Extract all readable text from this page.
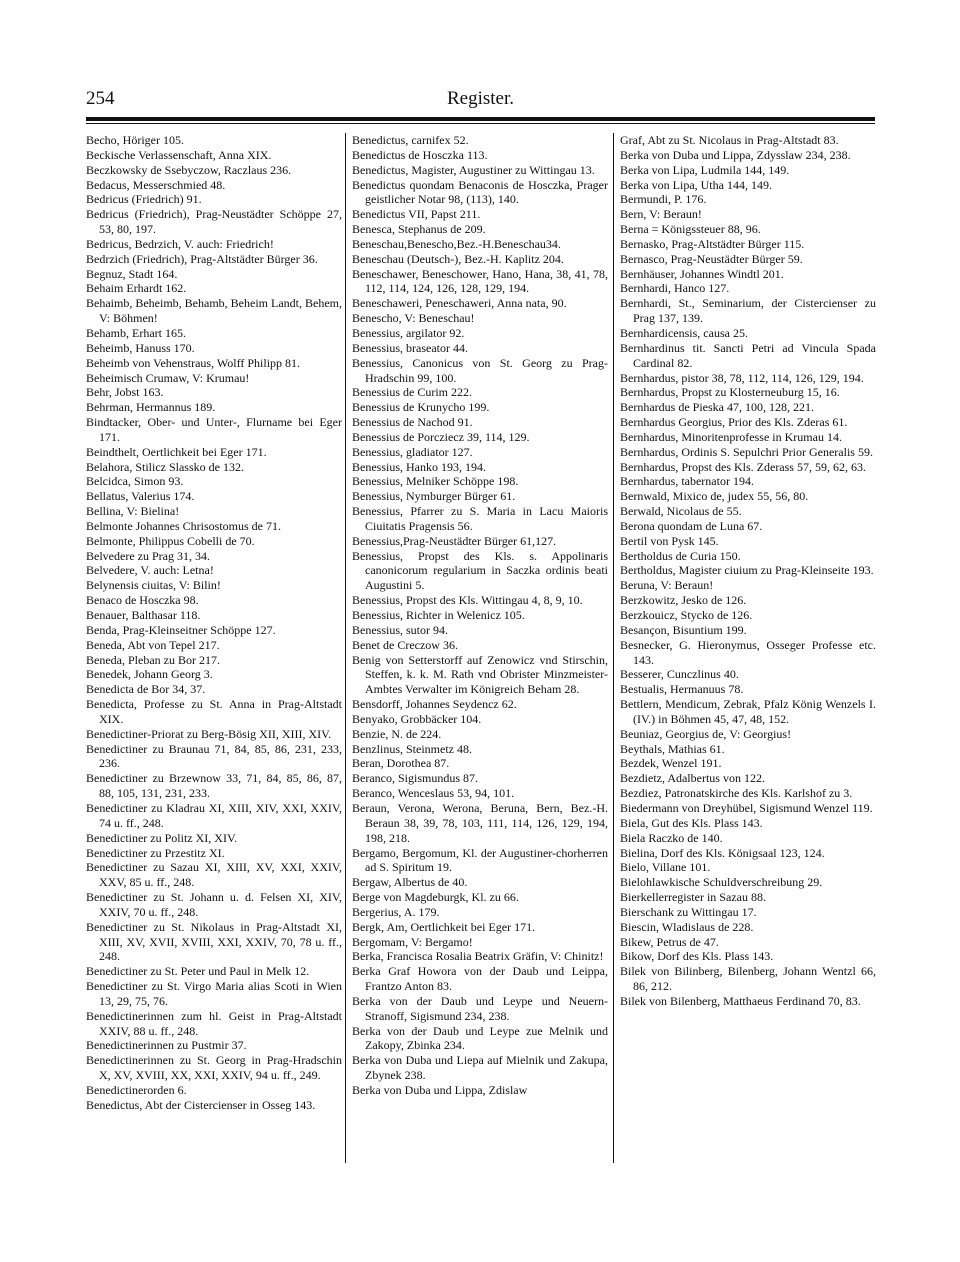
254	Register.

Becho, Höriger 105.

Beckische Verlassenschaft, Anna XIX.

Beczkowsky de Ssebyczow, Raczlaus 236.

Bedacus, Messerschmied 48.

Bedricus (Friedrich) 91.

Bedricus (Friedrich), Prag-Neustädter Schöppe 27, 53, 80, 197.

Bedricus, Bedrzich, V. auch: Friedrich!

Bedrzich (Friedrich), Prag-Altstädter Bürger 36.

Begnuz, Stadt 164.

Behaim Erhardt 162.

Behaimb, Beheimb, Behamb, Beheim Landt, Behem, V: Böhmen!

Behamb, Erhart 165.

Beheimb, Hanuss 170.

Beheimb von Vehenstraus, Wolff Philipp 81.

Beheimisch Crumaw, V: Krumau!

Behr, Jobst 163.

Behrman, Hermannus 189.

Bindtacker, Ober- und Unter-, Flurname bei Eger 171.

Beindthelt, Oertlichkeit bei Eger 171.

Belahora, Stilicz Slassko de 132.

Belcidca, Simon 93.

Bellatus, Valerius 174.

Bellina, V: Bielina!

Belmonte Johannes Chrisostomus de 71.

Belmonte, Philippus Cobelli de 70.

Belvedere zu Prag 31, 34.

Belvedere, V. auch: Letna!

Belynensis ciuitas, V: Bilin!

Benaco de Hosczka 98.

Benauer, Balthasar 118.

Benda, Prag-Kleinseitner Schöppe 127.

Beneda, Abt von Tepel 217.

Beneda, Pleban zu Bor 217.

Benedek, Johann Georg 3.

Benedicta de Bor 34, 37.

Benedicta, Professe zu St. Anna in Prag-Altstadt XIX.

Benedictiner-Priorat zu Berg-Bösig XII, XIII, XIV.

Benedictiner zu Braunau 71, 84, 85, 86, 231, 233, 236.

Benedictiner zu Brzewnow 33, 71, 84, 85, 86, 87, 88, 105, 131, 231, 233.

Benedictiner zu Kladrau XI, XIII, XIV, XXI, XXIV, 74 u. ff., 248.

Benedictiner zu Politz XI, XIV.

Benedictiner zu Przestitz XI.

Benedictiner zu Sazau XI, XIII, XV, XXI, XXIV, XXV, 85 u. ff., 248.

Benedictiner zu St. Johann u. d. Felsen XI, XIV, XXIV, 70 u. ff., 248.

Benedictiner zu St. Nikolaus in Prag-Altstadt XI, XIII, XV, XVII, XVIII, XXI, XXIV, 70, 78 u. ff., 248.

Benedictiner zu St. Peter und Paul in Melk 12.

Benedictiner zu St. Virgo Maria alias Scoti in Wien 13, 29, 75, 76.

Benedictinerinnen zum hl. Geist in Prag-Altstadt XXIV, 88 u. ff., 248.

Benedictinerinnen zu Pustmir 37.

Benedictinerinnen zu St. Georg in Prag-Hradschin X, XV, XVIII, XX, XXI, XXIV, 94 u. ff., 249.

Benedictinerorden 6.

Benedictus, Abt der Cistercienser in Osseg 143.

Benedictus, carnifex 52.

Benedictus de Hosczka 113.

Benedictus, Magister, Augustiner zu Wittingau 13.

Benedictus quondam Benaconis de Hosczka, Prager geistlicher Notar 98, (113), 140.

Benedictus VII, Papst 211.

Benesca, Stephanus de 209.

Beneschau,Benescho,Bez.-H.Beneschau34.

Beneschau (Deutsch-), Bez.-H. Kaplitz 204.

Beneschawer, Beneschower, Hano, Hana, 38, 41, 78, 112, 114, 124, 126, 128, 129, 194.

Beneschawerі, Peneschaweri, Anna nata, 90.

Benescho, V: Beneschau!

Benessius, argilator 92.

Benessius, braseator 44.

Benessius, Canonicus von St. Georg zu Prag-Hradschin 99, 100.

Benessius de Curim 222.

Benessius de Krunycho 199.

Benessius de Nachod 91.

Benessius de Porcziecz 39, 114, 129.

Benessius, gladiator 127.

Benessius, Hanko 193, 194.

Benessius, Melniker Schöppe 198.

Benessius, Nymburger Bürger 61.

Benessius, Pfarrer zu S. Maria in Lacu Maioris Ciuitatis Pragensis 56.

Benessius,Prag-Neustädter Bürger 61,127.

Benessius, Propst des Kls. s. Appolinaris canonicorum regularium in Saczka ordinis beati Augustini 5.

Benessius, Propst des Kls. Wittingau 4, 8, 9, 10.

Benessius, Richter in Welenicz 105.

Benessius, sutor 94.

Benet de Creczow 36.

Benig von Setterstorff auf Zenowicz vnd Stirschin, Steffen, k. k. M. Rath vnd Obrister Minzmeister-Ambtes Verwalter im Königreich Beham 28.

Bensdorff, Johannes Seydencz 62.

Benyako, Grobbäcker 104.

Benzie, N. de 224.

Benzlinus, Steinmetz 48.

Beran, Dorothea 87.

Beranco, Sigismundus 87.

Beranco, Wenceslaus 53, 94, 101.

Beraun, Verona, Werona, Beruna, Bern, Bez.-H. Beraun 38, 39, 78, 103, 111, 114, 126, 129, 194, 198, 218.

Bergamo, Bergomum, Kl. der Augustiner-chorherren ad S. Spiritum 19.

Bergaw, Albertus de 40.

Berge von Magdeburgk, Kl. zu 66.

Bergerius, A. 179.

Bergk, Am, Oertlichkeit bei Eger 171.

Bergomam, V: Bergamo!

Berka, Francisca Rosalia Beatrix Gräfin, V: Chinitz!

Berka Graf Howora von der Daub und Leippa, Frantzo Anton 83.

Berka von der Daub und Leype und Neuern-Stranoff, Sigismund 234, 238.

Berka von der Daub und Leype zue Melnik und Zakopy, Zbinka 234.

Berka von Duba und Liepa auf Mielnik und Zakupa, Zbynek 238.

Berka von Duba und Lippa, Zdislaw

Graf, Abt zu St. Nicolaus in Prag-Altstadt 83.

Berka von Duba und Lippa, Zdysslaw 234, 238.

Berka von Lipa, Ludmila 144, 149.

Berka von Lipa, Utha 144, 149.

Bermundi, P. 176.

Bern, V: Beraun!

Berna = Königssteuer 88, 96.

Bernasko, Prag-Altstädter Bürger 115.

Bernasco, Prag-Neustädter Bürger 59.

Bernhäuser, Johannes Windtl 201.

Bernhardi, Hanco 127.

Bernhardi, St., Seminarium, der Cistercienser zu Prag 137, 139.

Bernhardicensis, causa 25.

Bernhardinus tit. Sancti Petri ad Vincula Spada Cardinal 82.

Bernhardus, pistor 38, 78, 112, 114, 126, 129, 194.

Bernhardus, Propst zu Klosterneuburg 15, 16.

Bernhardus de Pieska 47, 100, 128, 221.

Bernhardus Georgius, Prior des Kls. Zderas 61.

Bernhardus, Minoritenprofesse in Krumau 14.

Bernhardus, Ordinis S. Sepulchri Prior Generalis 59.

Bernhardus, Propst des Kls. Zderass 57, 59, 62, 63.

Bernhardus, tabernator 194.

Bernwald, Mixico de, judex 55, 56, 80.

Berwald, Nicolaus de 55.

Berona quondam de Luna 67.

Bertil von Pysk 145.

Bertholdus de Curia 150.

Bertholdus, Magister ciuium zu Prag-Kleinseite 193.

Beruna, V: Beraun!

Berzkowitz, Jesko de 126.

Berzkouicz, Stycko de 126.

Besançon, Bisuntium 199.

Besnecker, G. Hieronymus, Osseger Professe etc. 143.

Besserer, Cunczlinus 40.

Bestualis, Hermanuus 78.

Bettlern, Mendicum, Zebrak, Pfalz König Wenzels I. (IV.) in Böhmen 45, 47, 48, 152.

Beuniaz, Georgius de, V: Georgius!

Beythals, Mathias 61.

Bezdek, Wenzel 191.

Bezdietz, Adalbertus von 122.

Bezdiez, Patronatskirche des Kls. Karlshof zu 3.

Biedermann von Dreyhübel, Sigismund Wenzel 119.

Biela, Gut des Kls. Plass 143.

Biela Raczko de 140.

Bielina, Dorf des Kls. Königsaal 123, 124.

Bielo, Villane 101.

Bielohlawkische Schuldverschreibung 29.

Bierkellerregister in Sazau 88.

Bierschank zu Wittingau 17.

Biescin, Wladislaus de 228.

Bikew, Petrus de 47.

Bikow, Dorf des Kls. Plass 143.

Bilek von Bilinberg, Bilenberg, Johann Wentzl 66, 86, 212.

Bilek von Bilenberg, Matthaeus Ferdinand 70, 83.
